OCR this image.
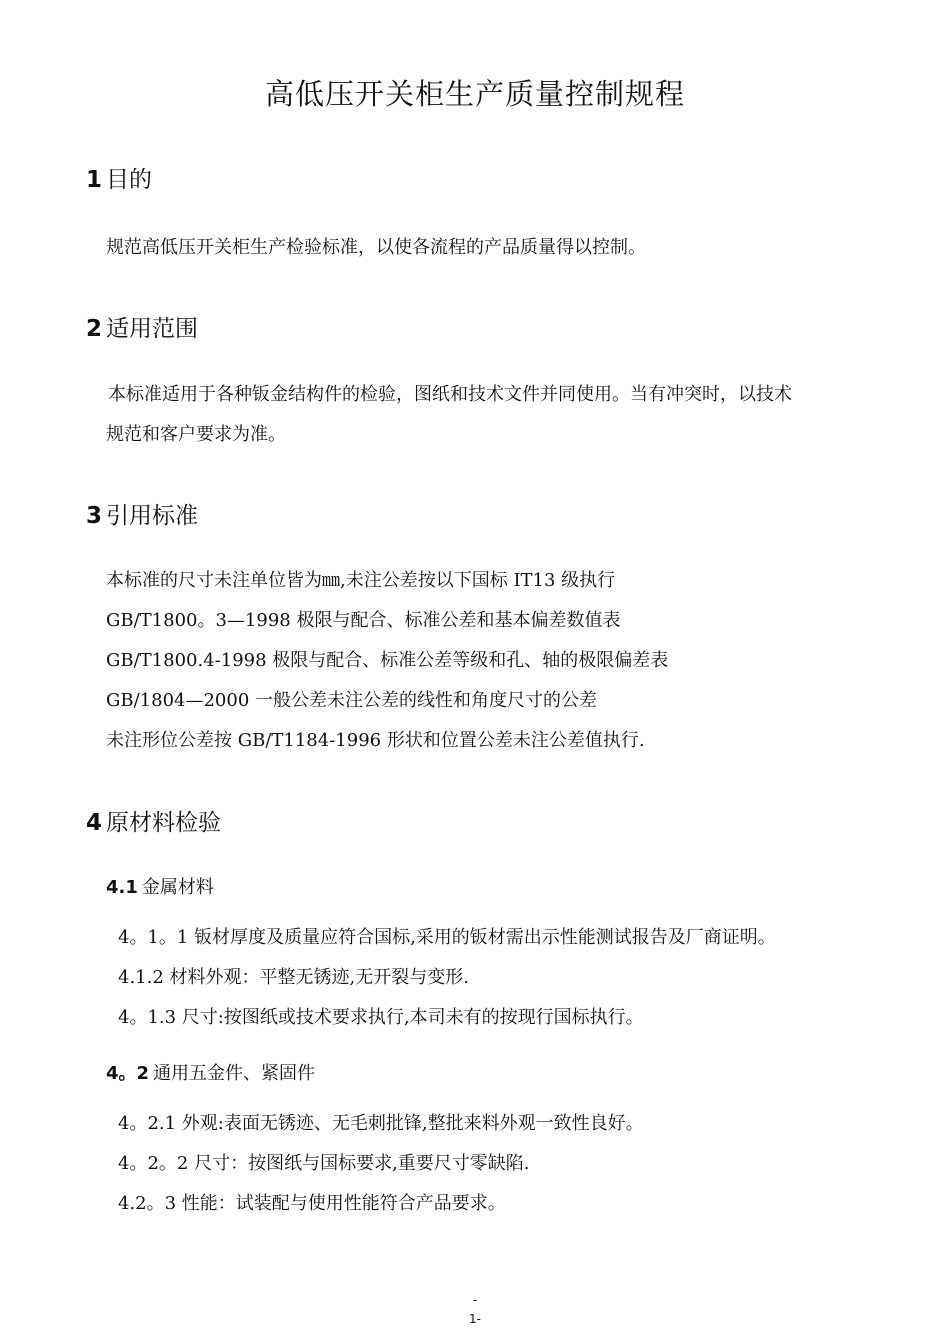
高低压开关柜生产质量控制规程
1 目的
规范高低压开关柜生产检验标准，以使各流程的产品质量得以控制。
2 适用范围
本标准适用于各种钣金结构件的检验，图纸和技术文件并同使用。当有冲突时，以技术
规范和客户要求为准。
3 引用标准
本标准的尺寸未注单位皆为㎜,未注公差按以下国标 IT13 级执行
GB/T1800。3—1998 极限与配合、标准公差和基本偏差数值表
GB/T1800.4-1998 极限与配合、标准公差等级和孔、轴的极限偏差表
GB/1804—2000 一般公差未注公差的线性和角度尺寸的公差
未注形位公差按 GB/T1184-1996 形状和位置公差未注公差值执行.
4 原材料检验
4.1 金属材料
4。1。1 钣材厚度及质量应符合国标,采用的钣材需出示性能测试报告及厂商证明。
4.1.2 材料外观：平整无锈迹,无开裂与变形.
4。1.3 尺寸:按图纸或技术要求执行,本司未有的按现行国标执行。
4。2 通用五金件、紧固件
4。2.1 外观:表面无锈迹、无毛刺批锋,整批来料外观一致性良好。
4。2。2 尺寸：按图纸与国标要求,重要尺寸零缺陷.
4.2。3 性能：试装配与使用性能符合产品要求。
-
1-
